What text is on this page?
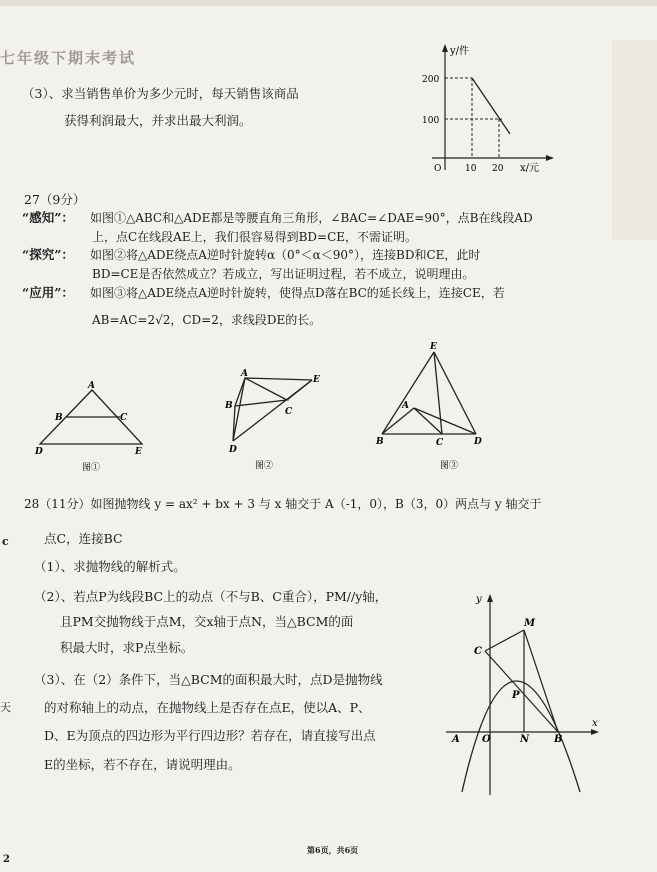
七年级下期末考试
（3）、求当销售单价为多少元时，每天销售该商品
获得利润最大，并求出最大利润。
y/件
200
100
O	10 20 x/元
27（9分）
“感知”： 如图①△ABC和△ADE都是等腰直角三角形，∠BAC=∠DAE=90°，点B在线段AD
上，点C在线段AE上，我们很容易得到BD=CE，不需证明。
“探究”： 如图②将△ADE绕点A逆时针旋转α（0°＜α＜90°），连接BD和CE，此时
BD=CE是否依然成立？若成立，写出证明过程，若不成立，说明理由。
“应用”： 如图③将△ADE绕点A逆时针旋转，使得点D落在BC的延长线上，连接CE，若
AB=AC=2√2，CD=2，求线段DE的长。
A
B	C
D	E
图①
A
B
C
D
E
图②
E
A
B	C	D
图③
28（11分）如图抛物线 y = ax² + bx + 3 与 x 轴交于 A（-1，0），B（3，0）两点与 y 轴交于
点C，连接BC
（1）、求抛物线的解析式。
（2）、若点P为线段BC上的动点（不与B、C重合），PM//y轴，
且PM交抛物线于点M，交x轴于点N，当△BCM的面
积最大时，求P点坐标。
（3）、在（2）条件下，当△BCM的面积最大时，点D是抛物线
的对称轴上的动点，在抛物线上是否存在点E，使以A、P、
D、E为顶点的四边形为平行四边形？若存在，请直接写出点
E的坐标，若不存在，请说明理由。
y
x
C
M
P
A O	N B
c
天
2
第6页，共6页
